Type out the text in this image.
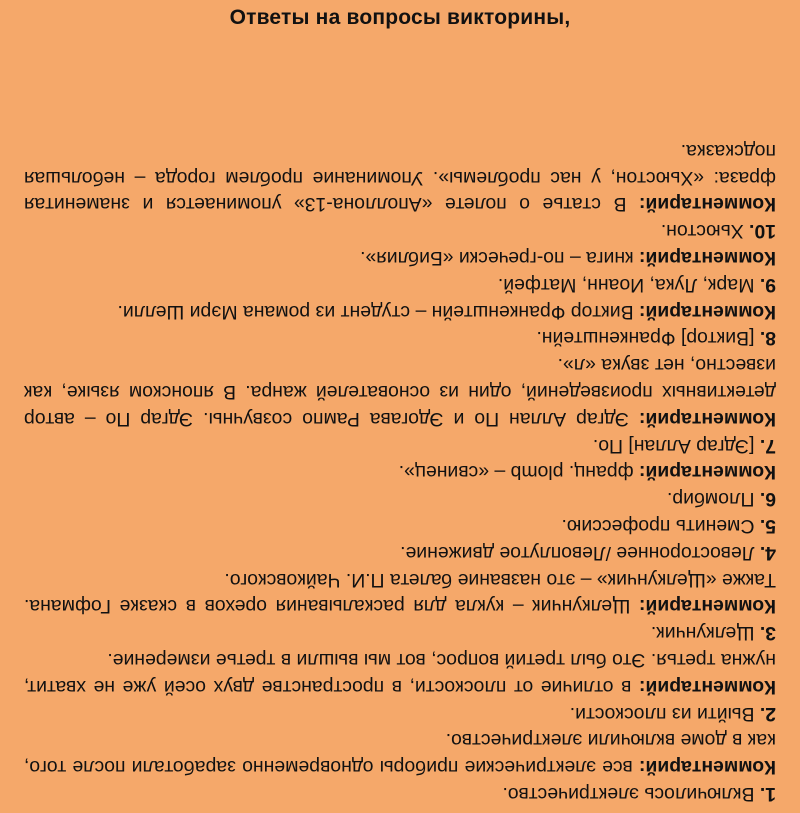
Ответы на вопросы викторины,

1. Включилось электричество.

Комментарий: все электрические приборы одновременно заработали после того, как в доме включили электричество.

2. Выйти из плоскости.

Комментарий: в отличие от плоскости, в пространстве двух осей уже не хватит, нужна третья. Это был третий вопрос, вот мы вышли в третье измерение.

3. Щелкунчик.

Комментарий: Щелкунчик – кукла для раскалывания орехов в сказке Гофмана. Также «Щелкунчик» – это название балета П.И. Чайковского.

4. Левостороннее /Левоплутое движение.

5. Сменить профессию.

6. Пломбир.

Комментарий: франц. plomb – «свинец».

7. [Эдгар Аллан] По.

Комментарий: Эдгар Аллан По и Эдогава Рампо созвучны. Эдгар По – автор детективных произведений, один из основателей жанра. В японском языке, как известно, нет звука «л».

8. [Виктор] Франкенштейн.

Комментарий: Виктор Франкенштейн – студент из романа Мэри Шелли.

9. Марк, Лука, Иоанн, Матфей.

Комментарий: книга – по-гречески «Библия».

10. Хьюстон.

Комментарий: В статье о полете «Аполлона-13» упоминается и знаменитая фраза: «Хьюстон, у нас проблемы». Упоминание проблем города – небольшая подсказка.
